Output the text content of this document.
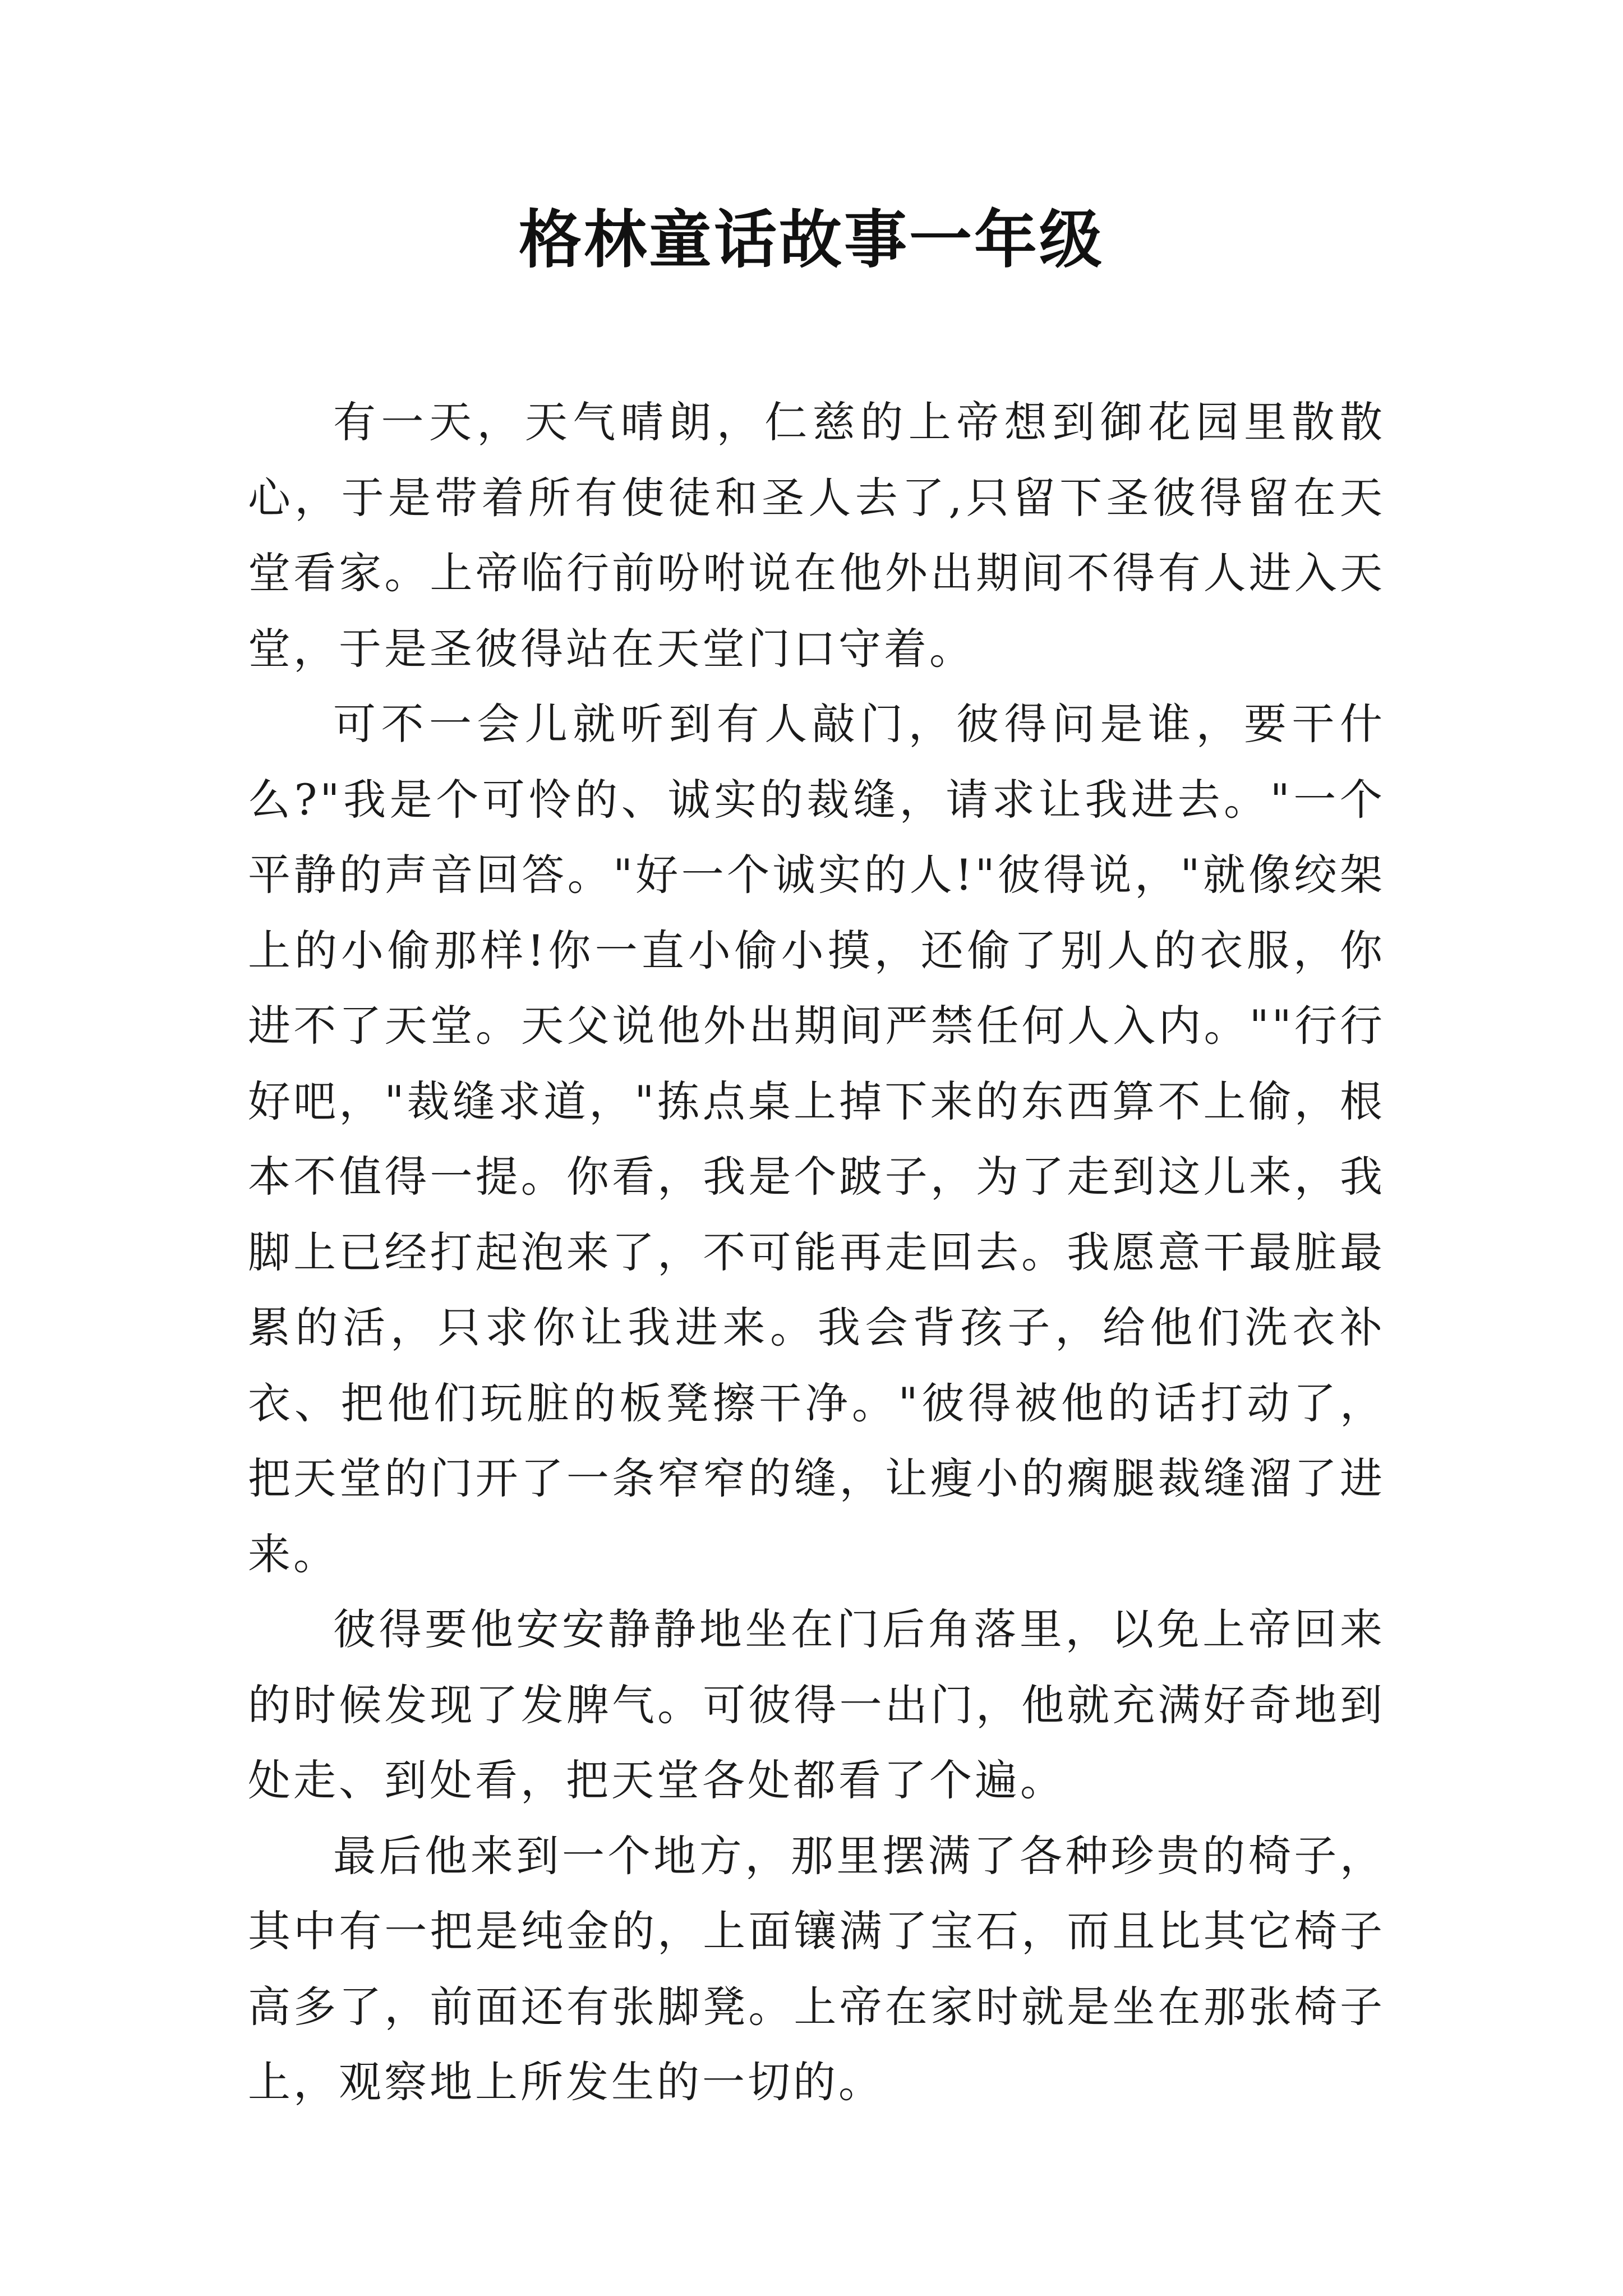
格林童话故事一年级

有一天，天气晴朗，仁慈的上帝想到御花园里散散心，于是带着所有使徒和圣人去了,只留下圣彼得留在天堂看家。上帝临行前吩咐说在他外出期间不得有人进入天堂，于是圣彼得站在天堂门口守着。

可不一会儿就听到有人敲门，彼得问是谁，要干什么?"我是个可怜的、诚实的裁缝，请求让我进去。"一个平静的声音回答。"好一个诚实的人!"彼得说，"就像绞架上的小偷那样!你一直小偷小摸，还偷了别人的衣服，你进不了天堂。天父说他外出期间严禁任何人入内。""行行好吧，"裁缝求道，"拣点桌上掉下来的东西算不上偷，根本不值得一提。你看，我是个跛子，为了走到这儿来，我脚上已经打起泡来了，不可能再走回去。我愿意干最脏最累的活，只求你让我进来。我会背孩子，给他们洗衣补衣、把他们玩脏的板凳擦干净。"彼得被他的话打动了，把天堂的门开了一条窄窄的缝，让瘦小的瘸腿裁缝溜了进来。

彼得要他安安静静地坐在门后角落里，以免上帝回来的时候发现了发脾气。可彼得一出门，他就充满好奇地到处走、到处看，把天堂各处都看了个遍。

最后他来到一个地方，那里摆满了各种珍贵的椅子，其中有一把是纯金的，上面镶满了宝石，而且比其它椅子高多了，前面还有张脚凳。上帝在家时就是坐在那张椅子上，观察地上所发生的一切的。
